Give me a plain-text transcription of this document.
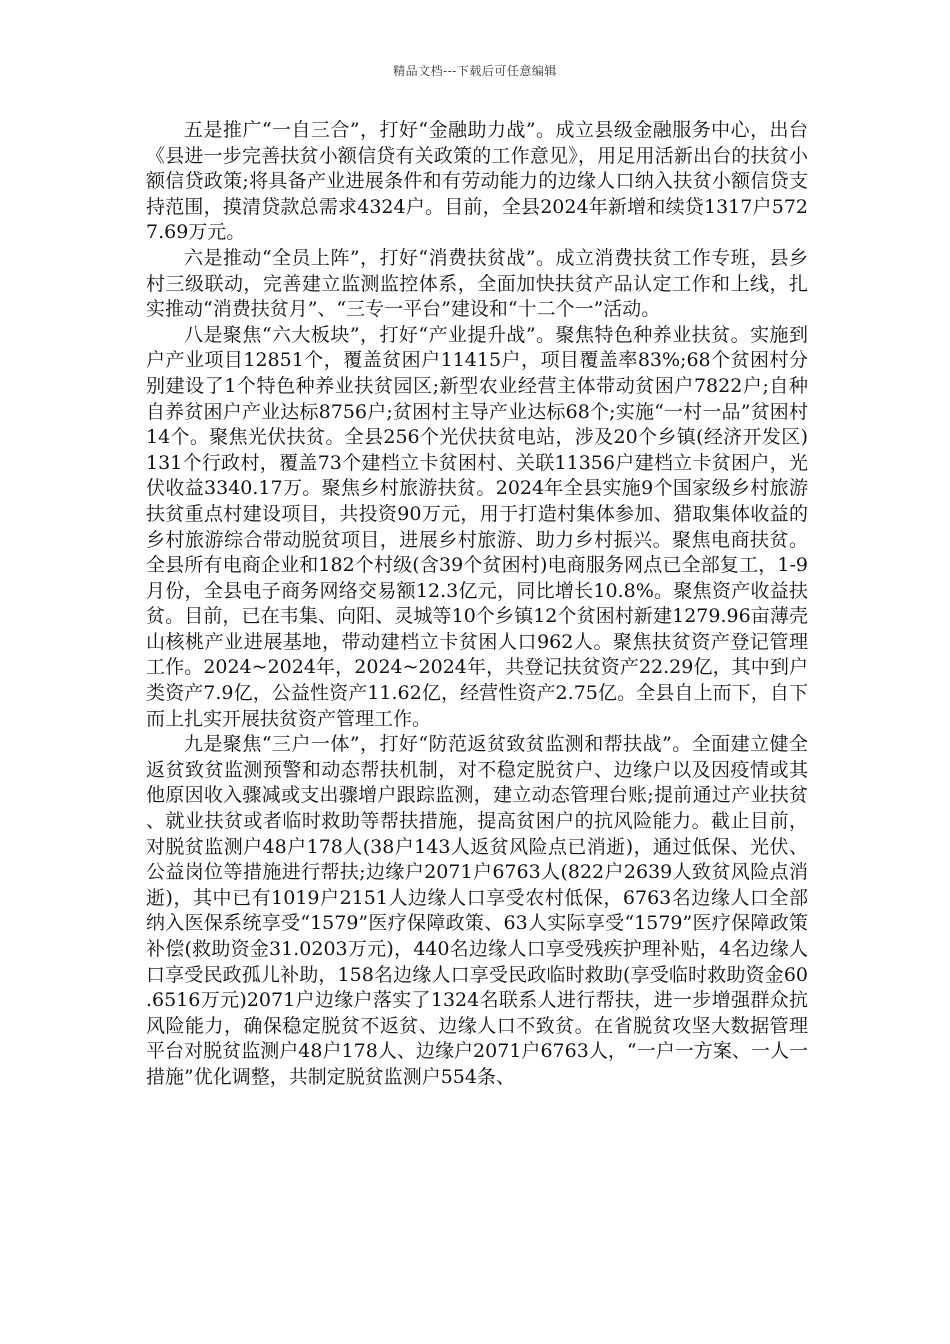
精品文档---下载后可任意编辑

五是推广“一自三合”，打好“金融助力战”。成立县级金融服务中心，出台《县进一步完善扶贫小额信贷有关政策的工作意见》，用足用活新出台的扶贫小额信贷政策;将具备产业进展条件和有劳动能力的边缘人口纳入扶贫小额信贷支持范围，摸清贷款总需求4324户。目前，全县2024年新增和续贷1317户5727.69万元。

六是推动“全员上阵”，打好“消费扶贫战”。成立消费扶贫工作专班，县乡村三级联动，完善建立监测监控体系，全面加快扶贫产品认定工作和上线，扎实推动“消费扶贫月”、“三专一平台”建设和“十二个一”活动。

八是聚焦“六大板块”，打好“产业提升战”。聚焦特色种养业扶贫。实施到户产业项目12851个，覆盖贫困户11415户，项目覆盖率83%;68个贫困村分别建设了1个特色种养业扶贫园区;新型农业经营主体带动贫困户7822户;自种自养贫困户产业达标8756户;贫困村主导产业达标68个;实施“一村一品”贫困村14个。聚焦光伏扶贫。全县256个光伏扶贫电站，涉及20个乡镇(经济开发区)131个行政村，覆盖73个建档立卡贫困村、关联11356户建档立卡贫困户，光伏收益3340.17万。聚焦乡村旅游扶贫。2024年全县实施9个国家级乡村旅游扶贫重点村建设项目，共投资90万元，用于打造村集体参加、猎取集体收益的乡村旅游综合带动脱贫项目，进展乡村旅游、助力乡村振兴。聚焦电商扶贫。全县所有电商企业和182个村级(含39个贫困村)电商服务网点已全部复工，1-9月份，全县电子商务网络交易额12.3亿元，同比增长10.8%。聚焦资产收益扶贫。目前，已在韦集、向阳、灵城等10个乡镇12个贫困村新建1279.96亩薄壳山核桃产业进展基地，带动建档立卡贫困人口962人。聚焦扶贫资产登记管理工作。2024~2024年，2024~2024年，共登记扶贫资产22.29亿，其中到户类资产7.9亿，公益性资产11.62亿，经营性资产2.75亿。全县自上而下，自下而上扎实开展扶贫资产管理工作。

九是聚焦“三户一体”，打好“防范返贫致贫监测和帮扶战”。全面建立健全返贫致贫监测预警和动态帮扶机制，对不稳定脱贫户、边缘户以及因疫情或其他原因收入骤减或支出骤增户跟踪监测，建立动态管理台账;提前通过产业扶贫、就业扶贫或者临时救助等帮扶措施，提高贫困户的抗风险能力。截止目前，对脱贫监测户48户178人(38户143人返贫风险点已消逝)，通过低保、光伏、公益岗位等措施进行帮扶;边缘户2071户6763人(822户2639人致贫风险点消逝)，其中已有1019户2151人边缘人口享受农村低保，6763名边缘人口全部纳入医保系统享受“1579”医疗保障政策、63人实际享受“1579”医疗保障政策补偿(救助资金31.0203万元)，440名边缘人口享受残疾护理补贴，4名边缘人口享受民政孤儿补助，158名边缘人口享受民政临时救助(享受临时救助资金60.6516万元)2071户边缘户落实了1324名联系人进行帮扶，进一步增强群众抗风险能力，确保稳定脱贫不返贫、边缘人口不致贫。在省脱贫攻坚大数据管理平台对脱贫监测户48户178人、边缘户2071户6763人，“一户一方案、一人一措施”优化调整，共制定脱贫监测户554条、
